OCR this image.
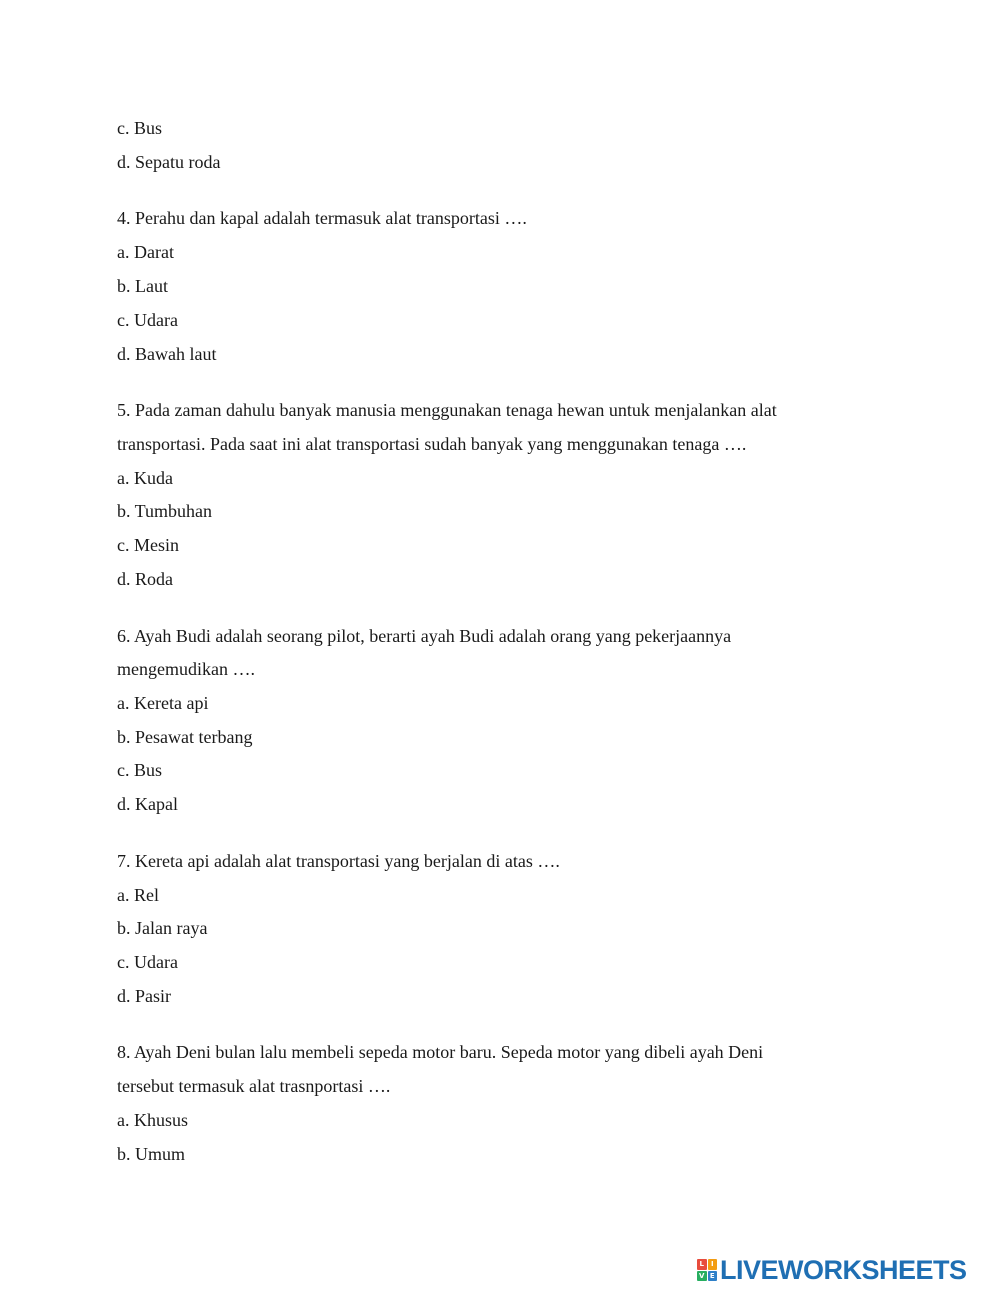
c. Bus
d. Sepatu roda
4. Perahu dan kapal adalah termasuk alat transportasi ….
a. Darat
b. Laut
c. Udara
d. Bawah laut
5. Pada zaman dahulu banyak manusia menggunakan tenaga hewan untuk menjalankan alat
transportasi. Pada saat ini alat transportasi sudah banyak yang menggunakan tenaga ….
a. Kuda
b. Tumbuhan
c. Mesin
d. Roda
6. Ayah Budi adalah seorang pilot, berarti ayah Budi adalah orang yang pekerjaannya
mengemudikan ….
a. Kereta api
b. Pesawat terbang
c. Bus
d. Kapal
7. Kereta api adalah alat transportasi yang berjalan di atas ….
a. Rel
b. Jalan raya
c. Udara
d. Pasir
8. Ayah Deni bulan lalu membeli sepeda motor baru. Sepeda motor yang dibeli ayah Deni
tersebut termasuk alat trasnportasi ….
a. Khusus
b. Umum
L I
V E LIVEWORKSHEETS
